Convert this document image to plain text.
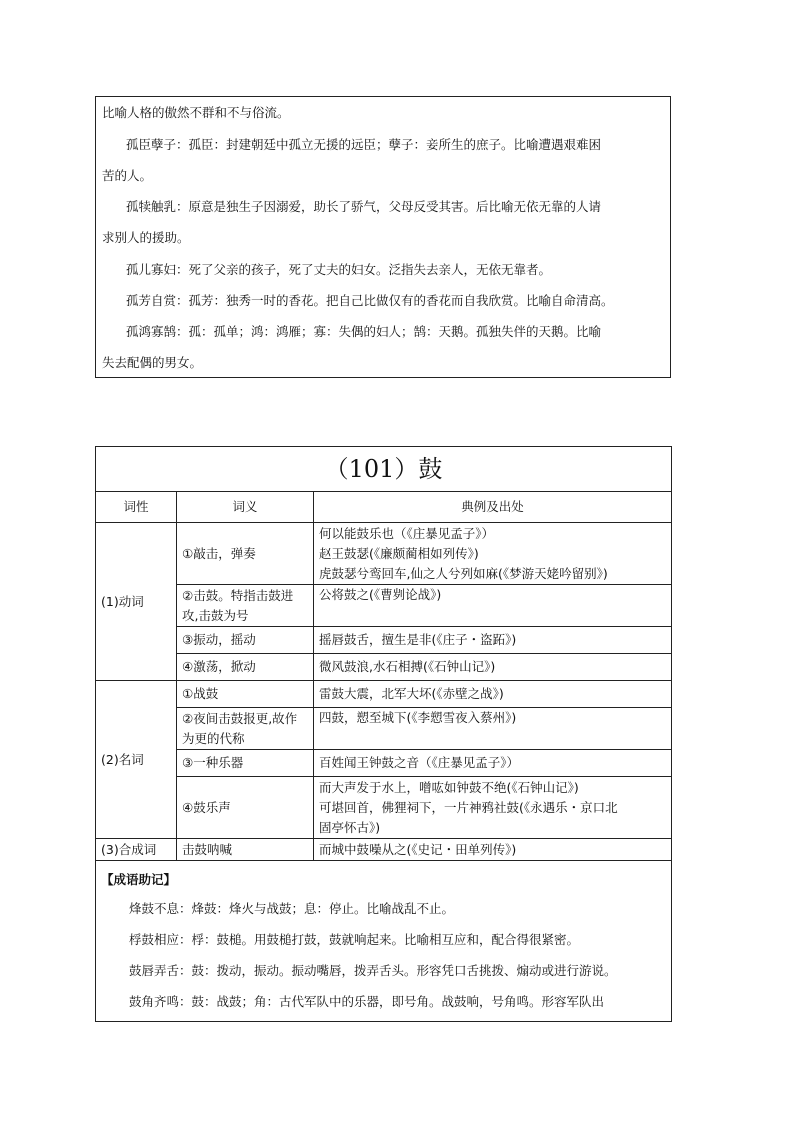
比喻人格的傲然不群和不与俗流。

孤臣孽子：孤臣：封建朝廷中孤立无援的远臣；孽子：妾所生的庶子。比喻遭遇艰难困

苦的人。

孤犊触乳：原意是独生子因溺爱，助长了骄气，父母反受其害。后比喻无依无靠的人请

求别人的援助。

孤儿寡妇：死了父亲的孩子，死了丈夫的妇女。泛指失去亲人，无依无靠者。

孤芳自赏：孤芳：独秀一时的香花。把自己比做仅有的香花而自我欣赏。比喻自命清高。

孤鸿寡鹄：孤：孤单；鸿：鸿雁；寡：失偶的妇人；鹄：天鹅。孤独失伴的天鹅。比喻

失去配偶的男女。

（101）鼓		
词性	词义	典例及出处
(1)动词	①敲击，弹奏	何以能鼓乐也（《庄暴见孟子》）
赵王鼓瑟(《廉颇蔺相如列传》)
虎鼓瑟兮鸾回车,仙之人兮列如麻(《梦游天姥吟留别》)

	②击鼓。特指击鼓进攻,击鼓为号	公将鼓之(《曹刿论战》)

	③振动，摇动	摇唇鼓舌，擅生是非(《庄子・盗跖》)

	④激荡，掀动	微风鼓浪,水石相搏(《石钟山记》)

(2)名词	①战鼓	雷鼓大震，北军大坏(《赤壁之战》)

	②夜间击鼓报更,故作为更的代称	四鼓，愬至城下(《李愬雪夜入蔡州》)

	③一种乐器	百姓闻王钟鼓之音（《庄暴见孟子》）

	④鼓乐声	而大声发于水上，噌吰如钟鼓不绝(《石钟山记》)
可堪回首，佛狸祠下，一片神鸦社鼓(《永遇乐・京口北
固亭怀古》)

(3)合成词	击鼓呐喊	而城中鼓噪从之(《史记・田单列传》)

【成语助记】

烽鼓不息：烽鼓：烽火与战鼓；息：停止。比喻战乱不止。

桴鼓相应：桴：鼓槌。用鼓槌打鼓，鼓就响起来。比喻相互应和，配合得很紧密。

鼓唇弄舌：鼓：拨动，振动。振动嘴唇，拨弄舌头。形容凭口舌挑拨、煽动或进行游说。

鼓角齐鸣：鼓：战鼓；角：古代军队中的乐器，即号角。战鼓响，号角鸣。形容军队出		
